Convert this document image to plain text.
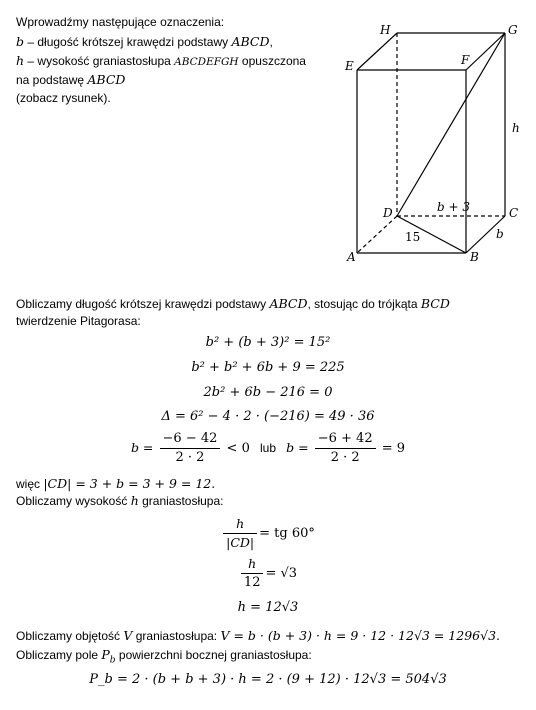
Wprowadźmy następujące oznaczenia:
b – długość krótszej krawędzi podstawy ABCD,
h – wysokość graniastosłupa ABCDEFGH opuszczona
na podstawę ABCD
(zobacz rysunek).
H	G
E	F
h
D	C
b + 3
15	b
A	B
Obliczamy długość krótszej krawędzi podstawy ABCD, stosując do trójkąta BCD
twierdzenie Pitagorasa:
b² + (b + 3)² = 15²
b² + b² + 6b + 9 = 225
2b² + 6b − 216 = 0
Δ = 6² − 4 · 2 · (−216) = 49 · 36
$b = \frac{-6 - 42}{2 \cdot 2} < 0$ lub $b = \frac{-6 + 42}{2 \cdot 2} = 9$
więc |CD| = 3 + b = 3 + 9 = 12.
Obliczamy wysokość h graniastosłupa:
$\frac{h}{|CD|}$ = tg 60°
$\frac{h}{12} = √3$
h = 12√3
Obliczamy objętość V graniastosłupa: V = b · (b + 3) · h = 9 · 12 · 12√3 = 1296√3.
Obliczamy pole $P_b$ powierzchni bocznej graniastosłupa:
P_b = 2 · (b + b + 3) · h = 2 · (9 + 12) · 12√3 = 504√3
